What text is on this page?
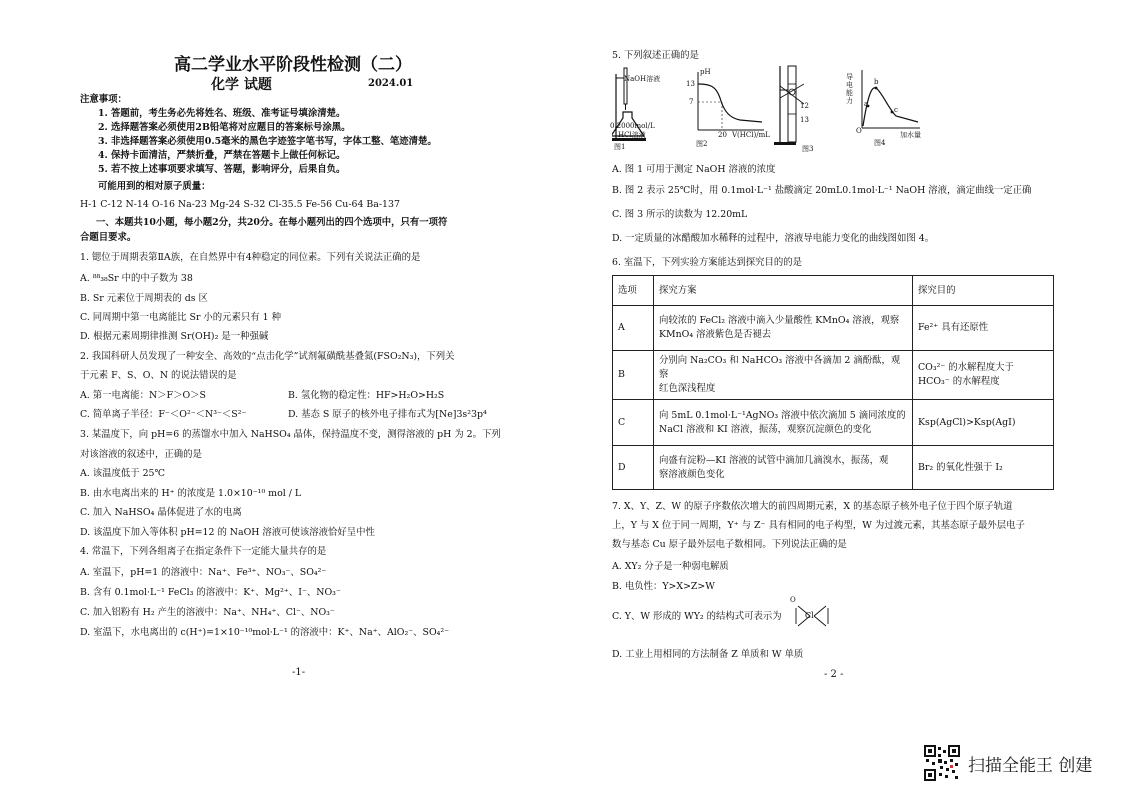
高二学业水平阶段性检测（二）
化学 试题	2024.01
注意事项：
1. 答题前，考生务必先将姓名、班级、准考证号填涂清楚。
2. 选择题答案必须使用2B铅笔将对应题目的答案标号涂黑。
3. 非选择题答案必须使用0.5毫米的黑色字迹签字笔书写，字体工整、笔迹清楚。
4. 保持卡面清洁，严禁折叠，严禁在答题卡上做任何标记。
5. 若不按上述事项要求填写、答题，影响评分，后果自负。
可能用到的相对原子质量：
H-1 C-12 N-14 O-16 Na-23 Mg-24 S-32 Cl-35.5 Fe-56 Cu-64 Ba-137
一、本题共10小题，每小题2分，共20分。在每小题列出的四个选项中，只有一项符
合题目要求。
1. 锶位于周期表第ⅡA族，在自然界中有4种稳定的同位素。下列有关说法正确的是
A. ⁸⁸₃₈Sr 中的中子数为 38
B. Sr 元素位于周期表的 ds 区
C. 同周期中第一电离能比 Sr 小的元素只有 1 种
D. 根据元素周期律推测 Sr(OH)₂ 是一种强碱
2. 我国科研人员发现了一种安全、高效的“点击化学”试剂氟磺酰基叠氮(FSO₂N₃)，下列关
于元素 F、S、O、N 的说法错误的是
A. 第一电离能：N＞F＞O＞S	B. 氢化物的稳定性：HF>H₂O>H₂S
C. 简单离子半径：F⁻＜O²⁻＜N³⁻＜S²⁻	D. 基态 S 原子的核外电子排布式为[Ne]3s²3p⁴
3. 某温度下，向 pH=6 的蒸馏水中加入 NaHSO₄ 晶体，保持温度不变，测得溶液的 pH 为 2。下列
对该溶液的叙述中，正确的是
A. 该温度低于 25℃
B. 由水电离出来的 H⁺ 的浓度是 1.0×10⁻¹⁰ mol / L
C. 加入 NaHSO₄ 晶体促进了水的电离
D. 该温度下加入等体积 pH=12 的 NaOH 溶液可使该溶液恰好呈中性
4. 常温下，下列各组离子在指定条件下一定能大量共存的是
A. 室温下，pH=1 的溶液中：Na⁺、Fe³⁺、NO₃⁻、SO₄²⁻
B. 含有 0.1mol·L⁻¹ FeCl₃ 的溶液中：K⁺、Mg²⁺、I⁻、NO₃⁻
C. 加入铝粉有 H₂ 产生的溶液中：Na⁺、NH₄⁺、Cl⁻、NO₃⁻
D. 室温下，水电离出的 c(H⁺)=1×10⁻¹⁰mol·L⁻¹ 的溶液中：K⁺、Na⁺、AlO₂⁻、SO₄²⁻
-1-
5. 下列叙述正确的是
NaOH溶液
0.2000mol/L
HCl溶液
图1
pH
13
7
20 V(HCl)/mL
图2
12
13
图3
导
电
能
力 a
b
c
O	加水量
图4
A. 图 1 可用于测定 NaOH 溶液的浓度
B. 图 2 表示 25℃时，用 0.1mol·L⁻¹ 盐酸滴定 20mL0.1mol·L⁻¹ NaOH 溶液，滴定曲线一定正确
C. 图 3 所示的读数为 12.20mL
D. 一定质量的冰醋酸加水稀释的过程中，溶液导电能力变化的曲线图如图 4。
6. 室温下，下列实验方案能达到探究目的的是
选项	探究方案	探究目的
A	向较浓的 FeCl₂ 溶液中滴入少量酸性 KMnO₄ 溶液，观察
KMnO₄ 溶液紫色是否褪去	Fe²⁺ 具有还原性
B	分别向 Na₂CO₃ 和 NaHCO₃ 溶液中各滴加 2 滴酚酞，观察
红色深浅程度	CO₃²⁻ 的水解程度大于
HCO₃⁻ 的水解程度
C	向 5mL 0.1mol·L⁻¹AgNO₃ 溶液中依次滴加 5 滴同浓度的
NaCl 溶液和 KI 溶液，振荡，观察沉淀颜色的变化	Ksp(AgCl)>Ksp(AgI)
D	向盛有淀粉—KI 溶液的试管中滴加几滴溴水，振荡，观
察溶液颜色变化	Br₂ 的氧化性强于 I₂
7. X、Y、Z、W 的原子序数依次增大的前四周期元素，X 的基态原子核外电子位于四个原子轨道
上，Y 与 X 位于同一周期，Y⁺ 与 Z⁻ 具有相同的电子构型，W 为过渡元素，其基态原子最外层电子
数与基态 Cu 原子最外层电子数相同。下列说法正确的是
A. XY₂ 分子是一种弱电解质
B. 电负性：Y>X>Z>W
C. Y、W 形成的 WY₂ 的结构式可表示为	Cl
O
D. 工业上用相同的方法制备 Z 单质和 W 单质
- 2 -
扫描全能王 创建
